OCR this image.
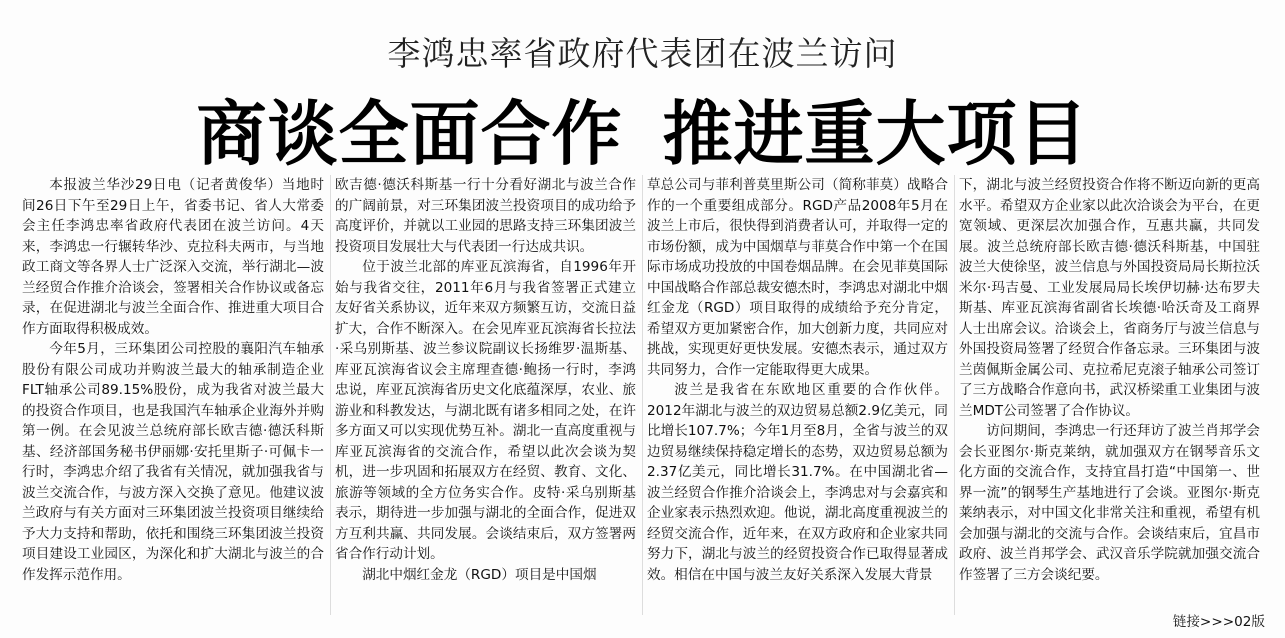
李鸿忠率省政府代表团在波兰访问
商谈全面合作 推进重大项目

本报波兰华沙29日电（记者黄俊华）当地时间26日下午至29日上午，省委书记、省人大常委会主任李鸿忠率省政府代表团在波兰访问。4天来，李鸿忠一行辗转华沙、克拉科夫两市，与当地政工商文等各界人士广泛深入交流，举行湖北—波兰经贸合作推介洽谈会，签署相关合作协议或备忘录，在促进湖北与波兰全面合作、推进重大项目合作方面取得积极成效。

今年5月，三环集团公司控股的襄阳汽车轴承股份有限公司成功并购波兰最大的轴承制造企业FLT轴承公司89.15%股份，成为我省对波兰最大的投资合作项目，也是我国汽车轴承企业海外并购第一例。在会见波兰总统府部长欧吉德·德沃科斯基、经济部国务秘书伊丽娜·安托里斯子·可佩卡一行时，李鸿忠介绍了我省有关情况，就加强我省与波兰交流合作，与波方深入交换了意见。他建议波兰政府与有关方面对三环集团波兰投资项目继续给予大力支持和帮助，依托和围绕三环集团波兰投资项目建设工业园区，为深化和扩大湖北与波兰的合作发挥示范作用。

欧吉德·德沃科斯基一行十分看好湖北与波兰合作的广阔前景，对三环集团波兰投资项目的成功给予高度评价，并就以工业园的思路支持三环集团波兰投资项目发展壮大与代表团一行达成共识。

位于波兰北部的库亚瓦滨海省，自1996年开始与我省交往，2011年6月与我省签署正式建立友好省关系协议，近年来双方频繁互访，交流日益扩大，合作不断深入。在会见库亚瓦滨海省长拉法·采乌别斯基、波兰参议院副议长扬维罗·温斯基、库亚瓦滨海省议会主席理查德·鲍扬一行时，李鸿忠说，库亚瓦滨海省历史文化底蕴深厚，农业、旅游业和科教发达，与湖北既有诸多相同之处，在许多方面又可以实现优势互补。湖北一直高度重视与库亚瓦滨海省的交流合作，希望以此次会谈为契机，进一步巩固和拓展双方在经贸、教育、文化、旅游等领域的全方位务实合作。皮特·采乌别斯基表示，期待进一步加强与湖北的全面合作，促进双方互利共赢、共同发展。会谈结束后，双方签署两省合作行动计划。

湖北中烟红金龙（RGD）项目是中国烟

草总公司与菲利普莫里斯公司（简称菲莫）战略合作的一个重要组成部分。RGD产品2008年5月在波兰上市后，很快得到消费者认可，并取得一定的市场份额，成为中国烟草与菲莫合作中第一个在国际市场成功投放的中国卷烟品牌。在会见菲莫国际中国战略合作部总裁安德杰时，李鸿忠对湖北中烟红金龙（RGD）项目取得的成绩给予充分肯定，希望双方更加紧密合作，加大创新力度，共同应对挑战，实现更好更快发展。安德杰表示，通过双方共同努力，合作一定能取得更大成果。

波兰是我省在东欧地区重要的合作伙伴。2012年湖北与波兰的双边贸易总额2.9亿美元，同比增长107.7%；今年1月至8月，全省与波兰的双边贸易继续保持稳定增长的态势，双边贸易总额为2.37亿美元，同比增长31.7%。在中国湖北省—波兰经贸合作推介洽谈会上，李鸿忠对与会嘉宾和企业家表示热烈欢迎。他说，湖北高度重视波兰的经贸交流合作，近年来，在双方政府和企业家共同努力下，湖北与波兰的经贸投资合作已取得显著成效。相信在中国与波兰友好关系深入发展大背景

下，湖北与波兰经贸投资合作将不断迈向新的更高水平。希望双方企业家以此次洽谈会为平台，在更宽领域、更深层次加强合作，互惠共赢，共同发展。波兰总统府部长欧吉德·德沃科斯基，中国驻波兰大使徐坚，波兰信息与外国投资局局长斯拉沃米尔·玛吉曼、工业发展局局长埃伊切赫·达布罗夫斯基、库亚瓦滨海省副省长埃德·哈沃奇及工商界人士出席会议。洽谈会上，省商务厅与波兰信息与外国投资局签署了经贸合作备忘录。三环集团与波兰茵佩斯金属公司、克拉希尼克滚子轴承公司签订了三方战略合作意向书，武汉桥梁重工业集团与波兰MDT公司签署了合作协议。

访问期间，李鸿忠一行还拜访了波兰肖邦学会会长亚图尔·斯克莱纳，就加强双方在钢琴音乐文化方面的交流合作，支持宜昌打造“中国第一、世界一流”的钢琴生产基地进行了会谈。亚图尔·斯克莱纳表示，对中国文化非常关注和重视，希望有机会加强与湖北的交流与合作。会谈结束后，宜昌市政府、波兰肖邦学会、武汉音乐学院就加强交流合作签署了三方会谈纪要。

链接>>>02版
